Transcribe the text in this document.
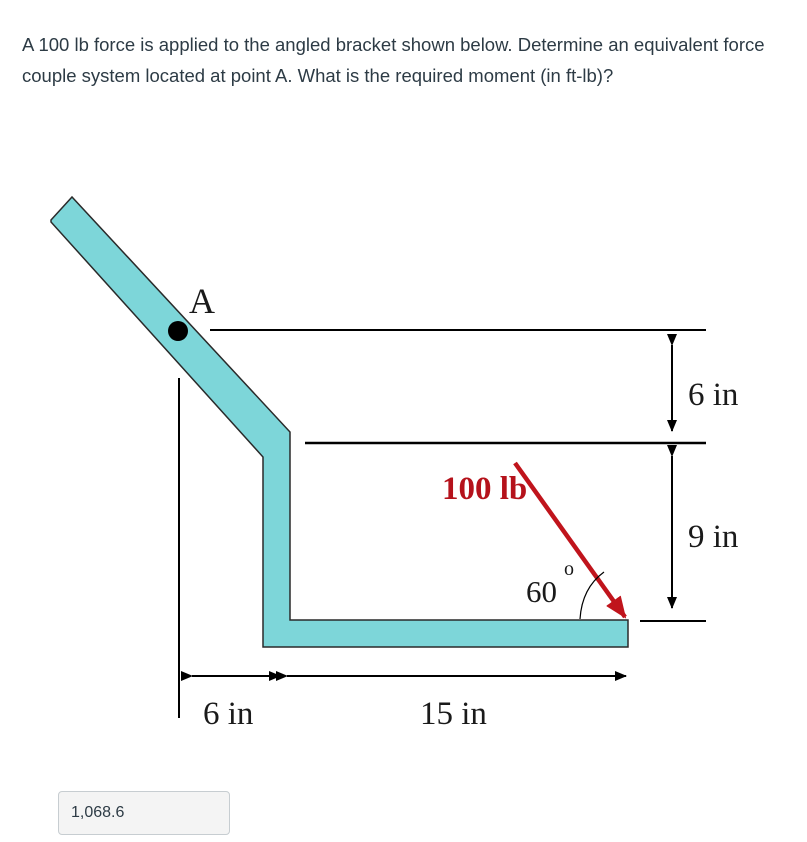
A 100 lb force is applied to the angled bracket shown below. Determine an equivalent force couple system located at point A. What is the required moment (in ft-lb)?

A
6 in
9 in
6 in	15 in
100 lb
60
o
1,068.6
